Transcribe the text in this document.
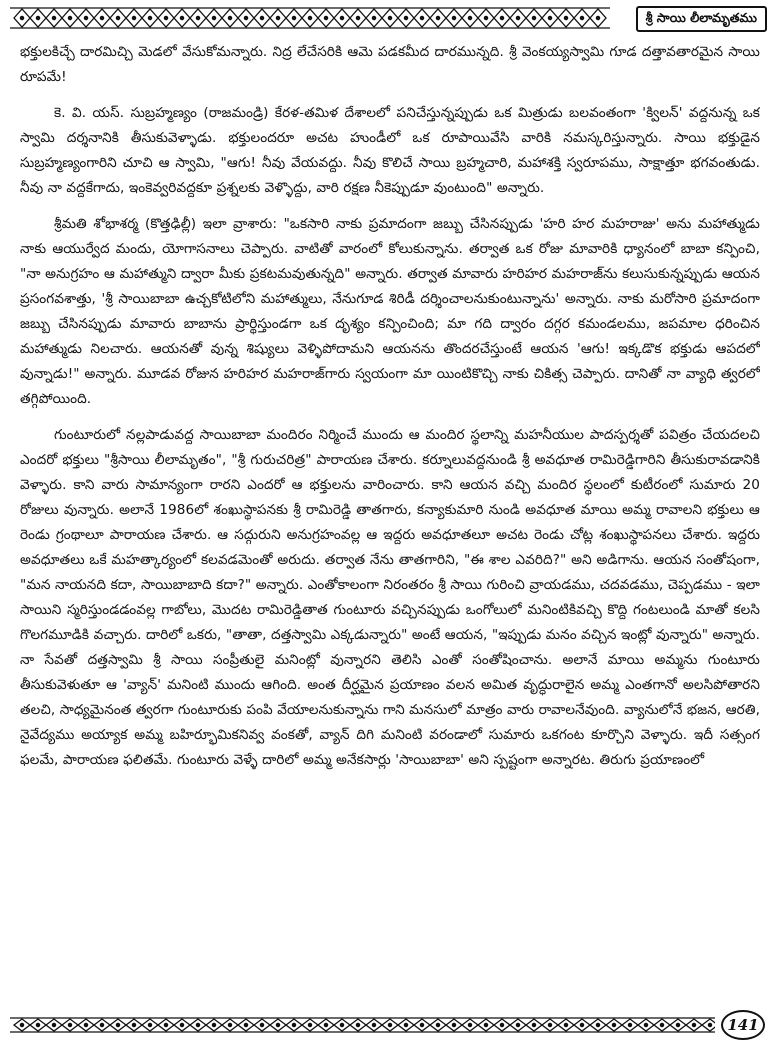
శ్రీ సాయి లీలామృతము

భక్తులకిచ్చే దారమిచ్చి మెడలో వేసుకోమన్నారు. నిద్ర లేచేసరికి ఆమె పడకమీద దారమున్నది. శ్రీ వెంకయ్యస్వామి గూడ దత్తావతారమైన సాయి రూపమే!

కె. వి. యస్. సుబ్రహ్మణ్యం (రాజమండ్రి) కేరళ-తమిళ దేశాలలో పనిచేస్తున్నప్పుడు ఒక మిత్రుడు బలవంతంగా 'క్విలన్' వద్దనున్న ఒక స్వామి దర్శనానికి తీసుకువెళ్ళాడు. భక్తులందరూ అచట హుండీలో ఒక రూపాయివేసి వారికి నమస్కరిస్తున్నారు. సాయి భక్తుడైన సుబ్రహ్మణ్యంగారిని చూచి ఆ స్వామి, "ఆగు! నీవు వేయవద్దు. నీవు కొలిచే సాయి బ్రహ్మచారి, మహాశక్తి స్వరూపము, సాక్షాత్తూ భగవంతుడు. నీవు నా వద్దకేగాదు, ఇంకెవ్వరివద్దకూ ప్రశ్నలకు వెళ్ళొద్దు, వారి రక్షణ నీకెప్పుడూ వుంటుంది" అన్నారు.

శ్రీమతి శోభాశర్మ (కొత్తఢిల్లీ) ఇలా వ్రాశారు: "ఒకసారి నాకు ప్రమాదంగా జబ్బు చేసినప్పుడు 'హరి హర మహరాజు' అను మహాత్ముడు నాకు ఆయుర్వేద మందు, యోగాసనాలు చెప్పారు. వాటితో వారంలో కోలుకున్నాను. తర్వాత ఒక రోజు మావారికి ధ్యానంలో బాబా కన్పించి, "నా అనుగ్రహం ఆ మహాత్ముని ద్వారా మీకు ప్రకటమవుతున్నది" అన్నారు. తర్వాత మావారు హరిహర మహరాజ్‌ను కలుసుకున్నప్పుడు ఆయన ప్రసంగవశాత్తు, 'శ్రీ సాయిబాబా ఉచ్చకోటిలోని మహాత్ములు, నేనుగూడ శిరిడీ దర్శించాలనుకుంటున్నాను' అన్నారు. నాకు మరోసారి ప్రమాదంగా జబ్బు చేసినప్పుడు మావారు బాబాను ప్రార్థిస్తుండగా ఒక దృశ్యం కన్పించింది; మా గది ద్వారం దగ్గర కమండలము, జపమాల ధరించిన మహాత్ముడు నిలచారు. ఆయనతో వున్న శిష్యులు వెళ్ళిపోదామని ఆయనను తొందరచేస్తుంటే ఆయన 'ఆగు! ఇక్కడొక భక్తుడు ఆపదలో వున్నాడు!" అన్నారు. మూడవ రోజున హరిహర మహరాజ్‌గారు స్వయంగా మా యింటికొచ్చి నాకు చికిత్స చెప్పారు. దానితో నా వ్యాధి త్వరలో తగ్గిపోయింది.

గుంటూరులో నల్లపాడువద్ద సాయిబాబా మందిరం నిర్మించే ముందు ఆ మందిర స్థలాన్ని మహనీయుల పాదస్పర్శతో పవిత్రం చేయదలచి ఎందరో భక్తులు "శ్రీసాయి లీలామృతం", "శ్రీ గురుచరిత్ర" పారాయణ చేశారు. కర్నూలువద్దనుండి శ్రీ అవధూత రామిరెడ్డిగారిని తీసుకురావడానికి వెళ్ళారు. కాని వారు సామాన్యంగా రారని ఎందరో ఆ భక్తులను వారించారు. కాని ఆయన వచ్చి మందిర స్థలంలో కుటీరంలో సుమారు 20 రోజులు వున్నారు. అలానే 1986లో శంఖుస్థాపనకు శ్రీ రామిరెడ్డి తాతగారు, కన్యాకుమారి నుండి అవధూత మాయి అమ్మ రావాలని భక్తులు ఆ రెండు గ్రంథాలూ పారాయణ చేశారు. ఆ సద్గురుని అనుగ్రహంవల్ల ఆ ఇద్దరు అవధూతలూ అచట రెండు చోట్ల శంఖుస్థాపనలు చేశారు. ఇద్దరు అవధూతలు ఒకే మహత్కార్యంలో కలవడమెంతో అరుదు. తర్వాత నేను తాతగారిని, "ఈ శాల ఎవరిది?" అని అడిగాను. ఆయన సంతోషంగా, "మన నాయనది కదా, సాయిబాబాది కదా?" అన్నారు. ఎంతోకాలంగా నిరంతరం శ్రీ సాయి గురించి వ్రాయడము, చదవడము, చెప్పడము - ఇలా సాయిని స్మరిస్తుండడంవల్ల గాబోలు, మొదట రామిరెడ్డితాత గుంటూరు వచ్చినప్పుడు ఒంగోలులో మనింటికివచ్చి కొద్ది గంటలుండి మాతో కలసి గొలగమూడికి వచ్చారు. దారిలో ఒకరు, "తాతా, దత్తస్వామి ఎక్కడున్నారు" అంటే ఆయన, "ఇప్పుడు మనం వచ్చిన ఇంట్లో వున్నారు" అన్నారు. నా సేవతో దత్తస్వామి శ్రీ సాయి సంప్రీతులై మనింట్లో వున్నారని తెలిసి ఎంతో సంతోషించాను. అలానే మాయి అమ్మను గుంటూరు తీసుకువెళుతూ ఆ 'వ్యాన్' మనింటి ముందు ఆగింది. అంత దీర్ఘమైన ప్రయాణం వలన అమిత వృద్ధురాలైన అమ్మ ఎంతగానో అలసిపోతారని తలచి, సాధ్యమైనంత త్వరగా గుంటూరుకు పంపి వేయాలనుకున్నాను గాని మనసులో మాత్రం వారు రావాలనేవుంది. వ్యానులోనే భజన, ఆరతి, నైవేద్యము అయ్యాక అమ్మ బహిర్భూమికనివ్వ వంకతో, వ్యాన్ దిగి మనింటి వరండాలో సుమారు ఒకగంట కూర్చొని వెళ్ళారు. ఇదీ సత్సంగ ఫలమే, పారాయణ ఫలితమే. గుంటూరు వెళ్ళే దారిలో అమ్మ అనేకసార్లు 'సాయిబాబా' అని స్పష్టంగా అన్నారట. తిరుగు ప్రయాణంలో

141
